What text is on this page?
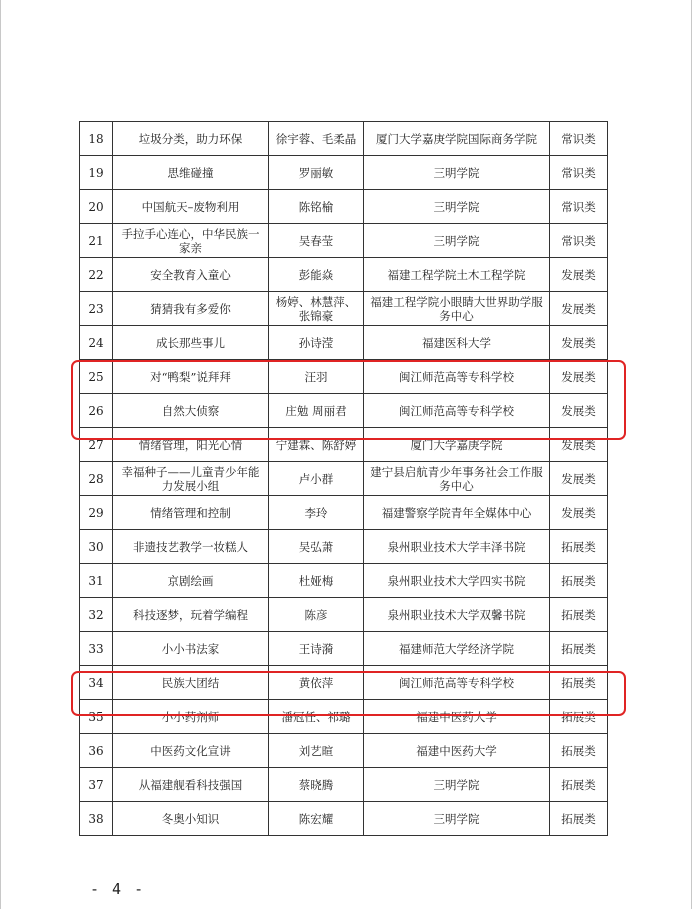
18	垃圾分类，助力环保	徐宇蓉、毛柔晶	厦门大学嘉庚学院国际商务学院	常识类
19	思维碰撞	罗丽敏	三明学院	常识类
20	中国航天–废物利用	陈铭榆	三明学院	常识类
21	手拉手心连心，中华民族一家亲	吴春莹	三明学院	常识类
22	安全教育入童心	彭能焱	福建工程学院土木工程学院	发展类
23	猜猜我有多爱你	杨婷、林慧萍、张锦豪	福建工程学院小眼睛大世界助学服务中心	发展类
24	成长那些事儿	孙诗滢	福建医科大学	发展类
25	对“鸭梨”说拜拜	汪羽	闽江师范高等专科学校	发展类
26	自然大侦察	庄勉 周丽君	闽江师范高等专科学校	发展类
27	情绪管理，阳光心情	宁建霖、陈舒婷	厦门大学嘉庚学院	发展类
28	幸福种子——儿童青少年能力发展小组	卢小群	建宁县启航青少年事务社会工作服务中心	发展类
29	情绪管理和控制	李玲	福建警察学院青年全媒体中心	发展类
30	非遗技艺教学一妆糕人	吴弘萧	泉州职业技术大学丰泽书院	拓展类
31	京剧绘画	杜娅梅	泉州职业技术大学四实书院	拓展类
32	科技逐梦，玩着学编程	陈彦	泉州职业技术大学双馨书院	拓展类
33	小小书法家	王诗漪	福建师范大学经济学院	拓展类
34	民族大团结	黄依萍	闽江师范高等专科学校	拓展类
35	小小药剂师	潘冠任、祁璐	福建中医药大学	拓展类
36	中医药文化宣讲	刘艺暄	福建中医药大学	拓展类
37	从福建舰看科技强国	蔡晓腾	三明学院	拓展类
38	冬奥小知识	陈宏耀	三明学院	拓展类
- 4 -
